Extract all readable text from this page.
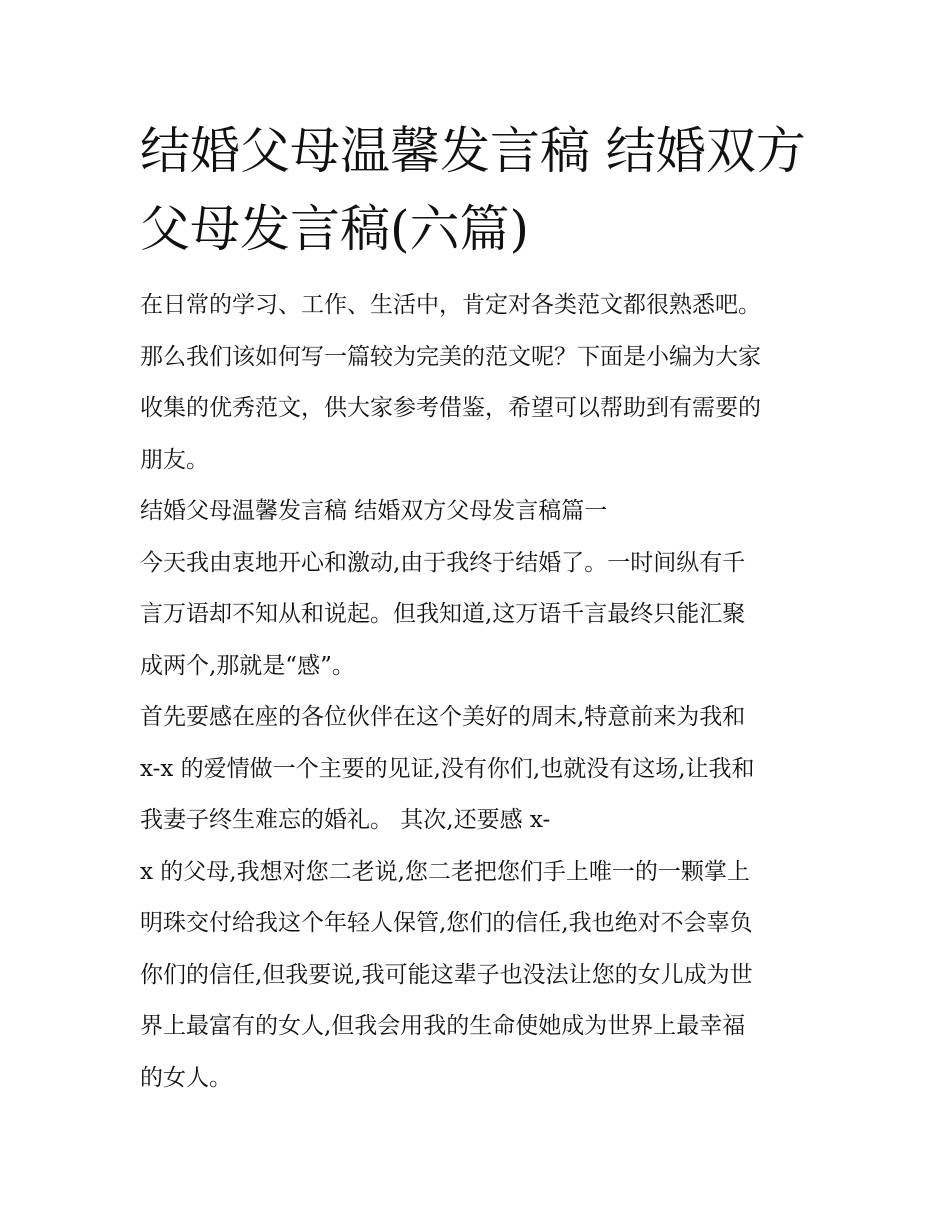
结婚父母温馨发言稿 结婚双方
父母发言稿(六篇)

在日常的学习、工作、生活中，肯定对各类范文都很熟悉吧。
那么我们该如何写一篇较为完美的范文呢？下面是小编为大家
收集的优秀范文，供大家参考借鉴，希望可以帮助到有需要的
朋友。

结婚父母温馨发言稿 结婚双方父母发言稿篇一

今天我由衷地开心和激动,由于我终于结婚了。一时间纵有千
言万语却不知从和说起。但我知道,这万语千言最终只能汇聚
成两个,那就是“感”。

首先要感在座的各位伙伴在这个美好的周末,特意前来为我和
x-x 的爱情做一个主要的见证,没有你们,也就没有这场,让我和
我妻子终生难忘的婚礼。 其次,还要感 x-

x 的父母,我想对您二老说,您二老把您们手上唯一的一颗掌上
明珠交付给我这个年轻人保管,您们的信任,我也绝对不会辜负
你们的信任,但我要说,我可能这辈子也没法让您的女儿成为世
界上最富有的女人,但我会用我的生命使她成为世界上最幸福
的女人。
